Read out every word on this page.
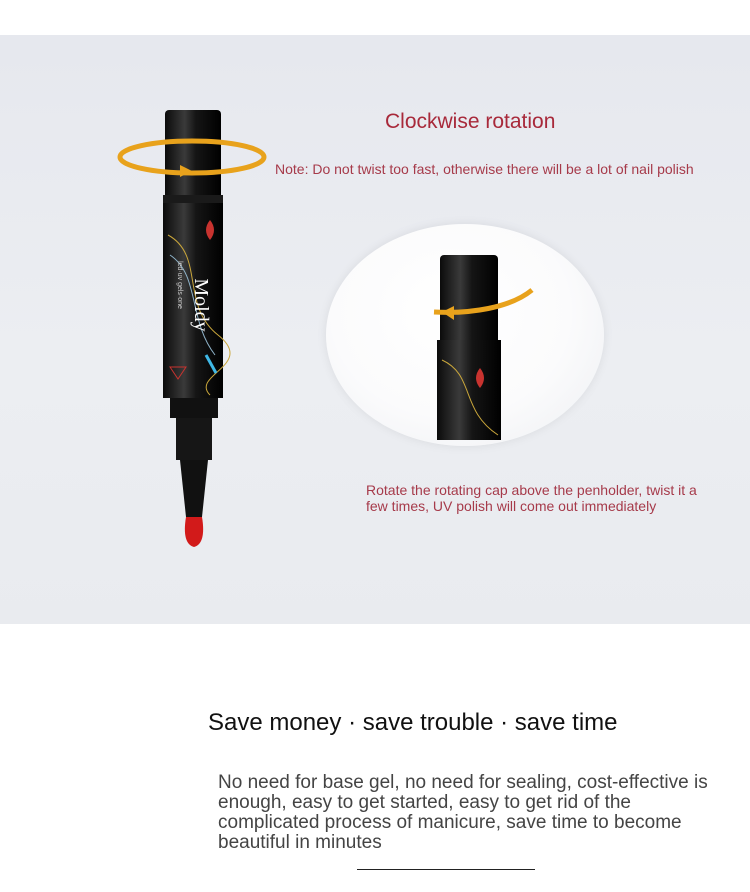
Clockwise rotation
Note: Do not twist too fast, otherwise there will be a lot of nail polish
Moldy
led·uv gels·one
Rotate the rotating cap above the penholder, twist it a few times, UV polish will come out immediately
Save money · save trouble · save time
No need for base gel, no need for sealing, cost-effective is enough, easy to get started, easy to get rid of the complicated process of manicure, save time to become beautiful in minutes
